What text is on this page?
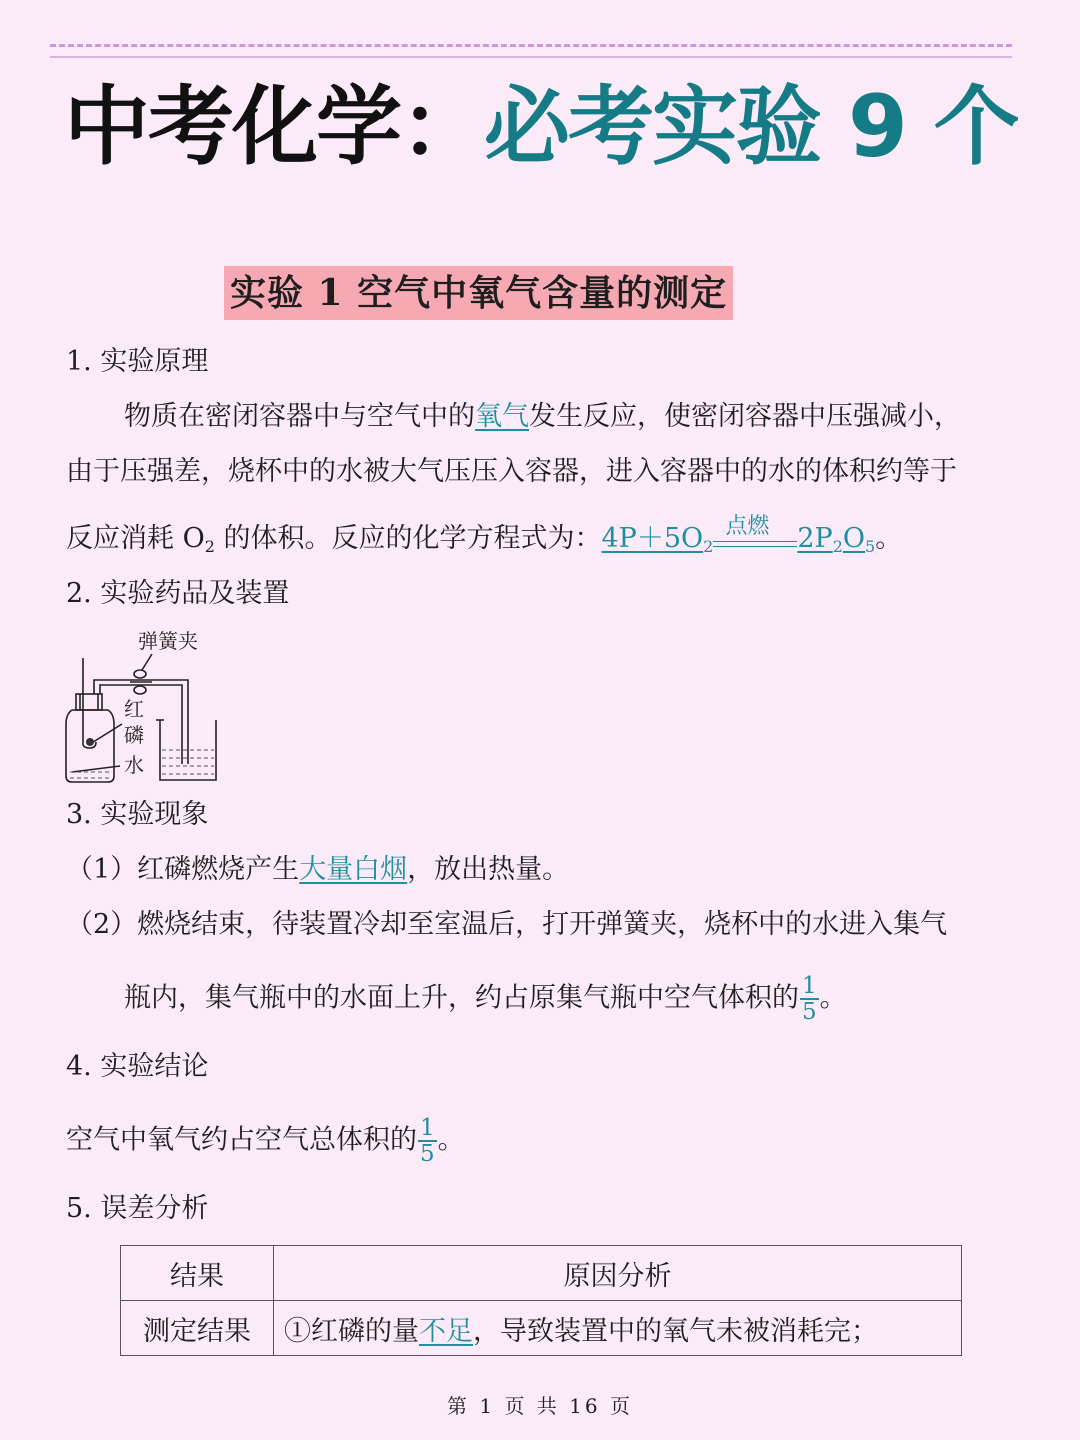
中考化学：必考实验 9 个
实验 1 空气中氧气含量的测定
1. 实验原理
物质在密闭容器中与空气中的氧气发生反应，使密闭容器中压强减小，
由于压强差，烧杯中的水被大气压压入容器，进入容器中的水的体积约等于
反应消耗 $O_2$ 的体积。反应的化学方程式为：$4P+5O_2$
点燃 $2P_2O_5$。
2. 实验药品及装置
弹簧夹
红
磷
水
3. 实验现象
（1）红磷燃烧产生大量白烟，放出热量。
（2）燃烧结束，待装置冷却至室温后，打开弹簧夹，烧杯中的水进入集气
瓶内，集气瓶中的水面上升，约占原集气瓶中空气体积的 $\frac{1}{5}$ 。
4. 实验结论
空气中氧气约占空气总体积的 $\frac{1}{5}$ 。
5. 误差分析
结果	原因分析
测定结果	①红磷的量不足，导致装置中的氧气未被消耗完；
第 1 页 共 16 页
